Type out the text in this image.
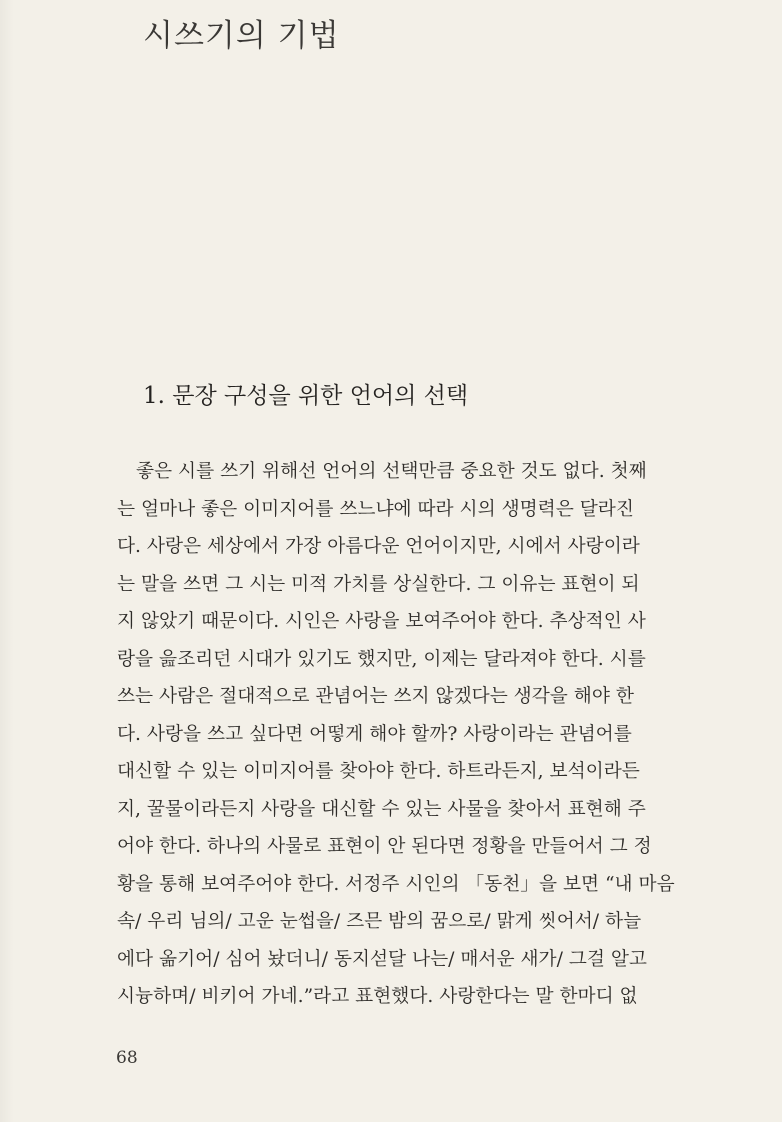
시쓰기의 기법
1. 문장 구성을 위한 언어의 선택
좋은 시를 쓰기 위해선 언어의 선택만큼 중요한 것도 없다. 첫째
는 얼마나 좋은 이미지어를 쓰느냐에 따라 시의 생명력은 달라진
다. 사랑은 세상에서 가장 아름다운 언어이지만, 시에서 사랑이라
는 말을 쓰면 그 시는 미적 가치를 상실한다. 그 이유는 표현이 되
지 않았기 때문이다. 시인은 사랑을 보여주어야 한다. 추상적인 사
랑을 읊조리던 시대가 있기도 했지만, 이제는 달라져야 한다. 시를
쓰는 사람은 절대적으로 관념어는 쓰지 않겠다는 생각을 해야 한
다. 사랑을 쓰고 싶다면 어떻게 해야 할까? 사랑이라는 관념어를
대신할 수 있는 이미지어를 찾아야 한다. 하트라든지, 보석이라든
지, 꿀물이라든지 사랑을 대신할 수 있는 사물을 찾아서 표현해 주
어야 한다. 하나의 사물로 표현이 안 된다면 정황을 만들어서 그 정
황을 통해 보여주어야 한다. 서정주 시인의 「동천」을 보면 “내 마음
속/ 우리 님의/ 고운 눈썹을/ 즈믄 밤의 꿈으로/ 맑게 씻어서/ 하늘
에다 옮기어/ 심어 놨더니/ 동지섣달 나는/ 매서운 새가/ 그걸 알고
시늉하며/ 비키어 가네.”라고 표현했다. 사랑한다는 말 한마디 없
68
